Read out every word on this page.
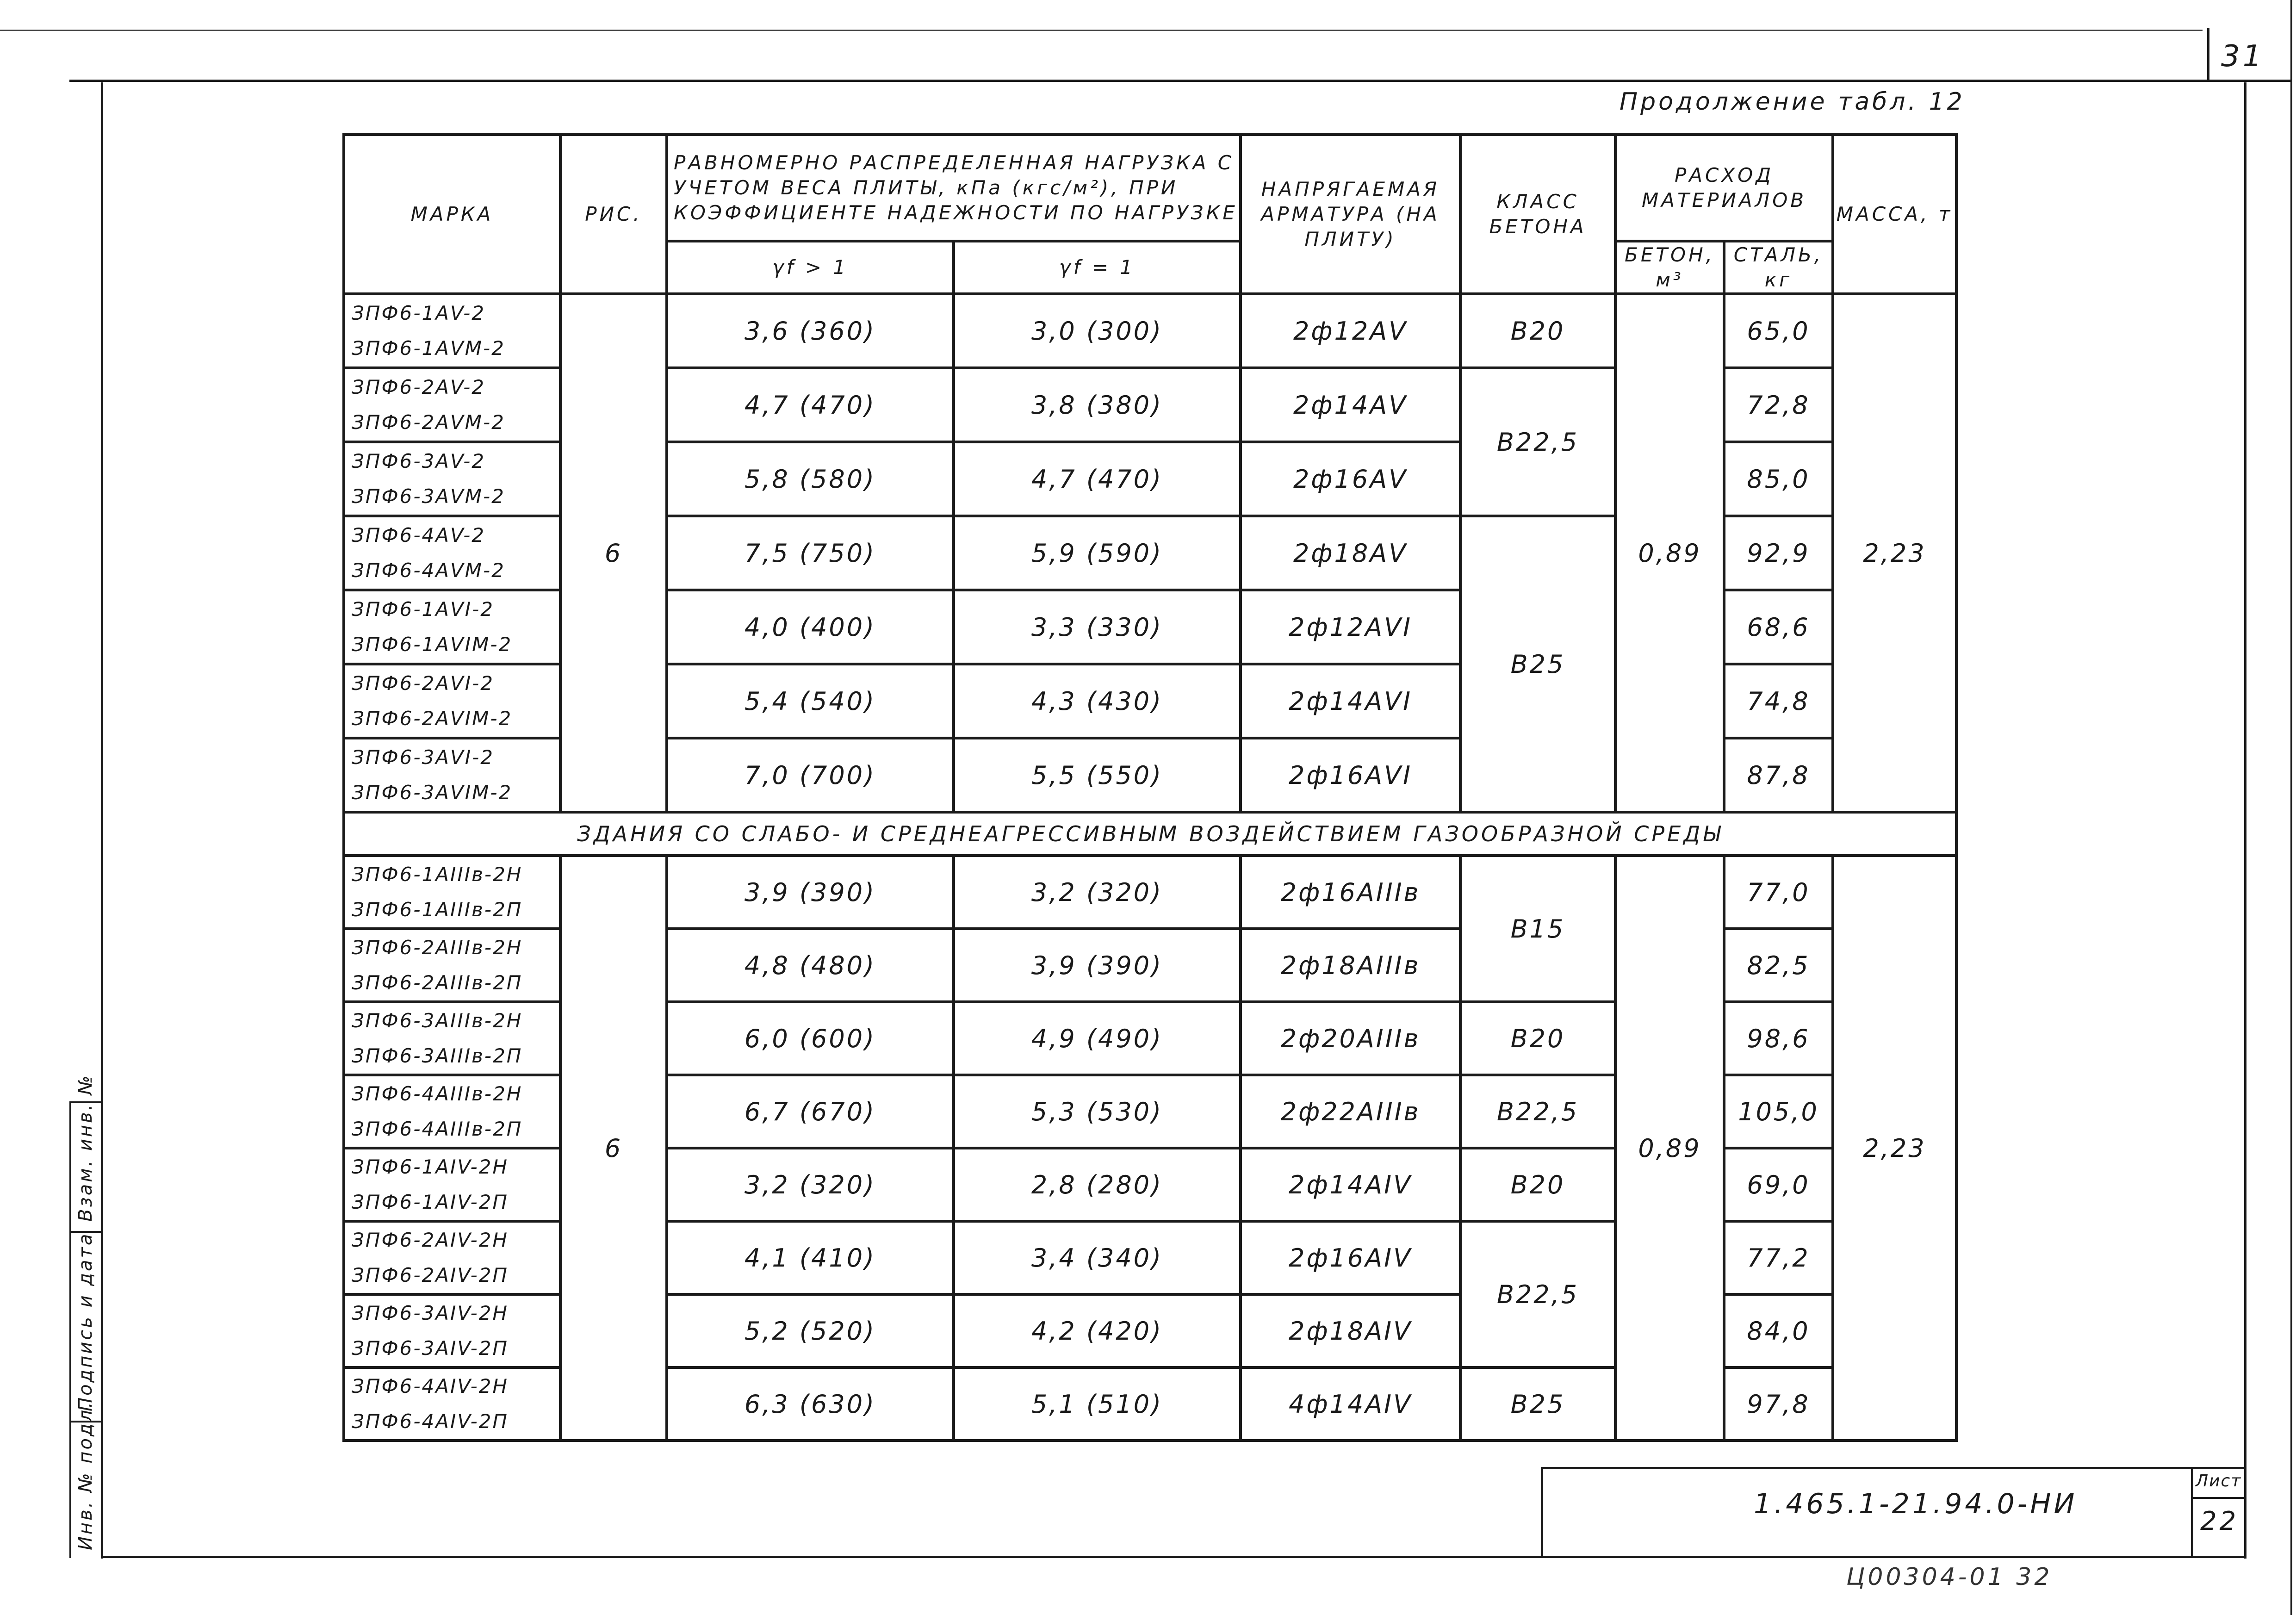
31
Продолжение табл. 12
МАРКА	РИС.	РАВНОМЕРНО РАСПРЕДЕЛЕННАЯ НАГРУЗКА С УЧЕТОМ ВЕСА ПЛИТЫ, кПа (кгс/м²), ПРИ КОЭФФИЦИЕНТЕ НАДЕЖНОСТИ ПО НАГРУЗКЕ		НАПРЯГАЕМАЯ АРМАТУРА (НА ПЛИТУ)	КЛАСС БЕТОНА	РАСХОД МАТЕРИАЛОВ		МАССА, т
		γf > 1	γf = 1			БЕТОН, м³	СТАЛЬ, кг	

ЗПФ6-1АV-2
ЗПФ6-1АVМ-2	6	3,6 (360)	3,0 (300)	2ф12АV	В20	0,89	65,0	2,23

ЗПФ6-2АV-2
ЗПФ6-2АVМ-2		4,7 (470)	3,8 (380)	2ф14АV	В22,5		72,8	

ЗПФ6-3АV-2
ЗПФ6-3АVМ-2		5,8 (580)	4,7 (470)	2ф16АV			85,0	

ЗПФ6-4АV-2
ЗПФ6-4АVМ-2		7,5 (750)	5,9 (590)	2ф18АV	В25		92,9	

ЗПФ6-1АVI-2
ЗПФ6-1АVIМ-2		4,0 (400)	3,3 (330)	2ф12АVI			68,6	

ЗПФ6-2АVI-2
ЗПФ6-2АVIМ-2		5,4 (540)	4,3 (430)	2ф14АVI			74,8	

ЗПФ6-3АVI-2
ЗПФ6-3АVIМ-2		7,0 (700)	5,5 (550)	2ф16АVI			87,8	
ЗДАНИЯ СО СЛАБО- И СРЕДНЕАГРЕССИВНЫМ ВОЗДЕЙСТВИЕМ ГАЗООБРАЗНОЙ СРЕДЫ								

ЗПФ6-1АIIIв-2Н
ЗПФ6-1АIIIв-2П	6	3,9 (390)	3,2 (320)	2ф16АIIIв	В15	0,89	77,0	2,23

ЗПФ6-2АIIIв-2Н
ЗПФ6-2АIIIв-2П		4,8 (480)	3,9 (390)	2ф18АIIIв			82,5	

ЗПФ6-3АIIIв-2Н
ЗПФ6-3АIIIв-2П		6,0 (600)	4,9 (490)	2ф20АIIIв	В20		98,6	

ЗПФ6-4АIIIв-2Н
ЗПФ6-4АIIIв-2П		6,7 (670)	5,3 (530)	2ф22АIIIв	В22,5		105,0	

ЗПФ6-1АIV-2Н
ЗПФ6-1АIV-2П		3,2 (320)	2,8 (280)	2ф14АIV	В20		69,0	

ЗПФ6-2АIV-2Н
ЗПФ6-2АIV-2П		4,1 (410)	3,4 (340)	2ф16АIV	В22,5		77,2	

ЗПФ6-3АIV-2Н
ЗПФ6-3АIV-2П		5,2 (520)	4,2 (420)	2ф18АIV			84,0	

ЗПФ6-4АIV-2Н
ЗПФ6-4АIV-2П		6,3 (630)	5,1 (510)	4ф14АIV	В25		97,8	
Взам. инв. №
Подпись и дата
Инв. № подл.	1.465.1-21.94.0-НИ
Лист
22
Ц00304-01 32
